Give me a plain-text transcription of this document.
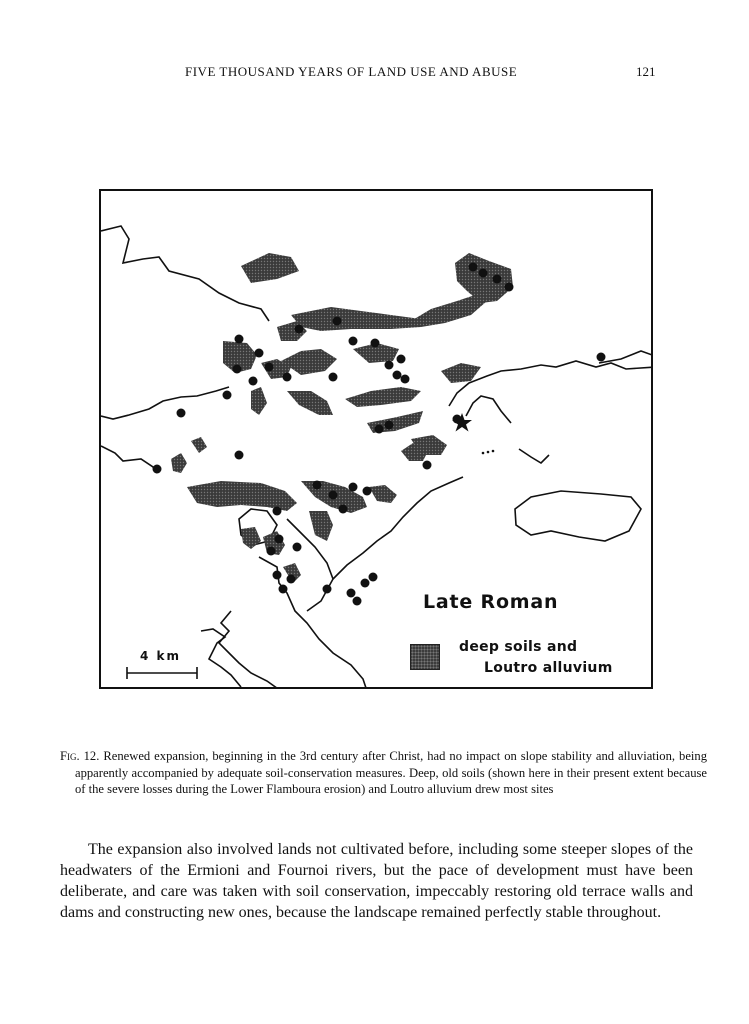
FIVE THOUSAND YEARS OF LAND USE AND ABUSE	121
Late Roman
deep soils and
Loutro alluvium
4 km
Fig. 12. Renewed expansion, beginning in the 3rd century after Christ, had no impact on slope stability and alluviation, being apparently accompanied by adequate soil-conservation measures. Deep, old soils (shown here in their present extent because of the severe losses during the Lower Flamboura erosion) and Loutro alluvium drew most sites

The expansion also involved lands not cultivated before, including some steeper slopes of the headwaters of the Ermioni and Fournoi rivers, but the pace of development must have been deliberate, and care was taken with soil conservation, impeccably restoring old terrace walls and dams and constructing new ones, because the landscape remained perfectly stable throughout.
